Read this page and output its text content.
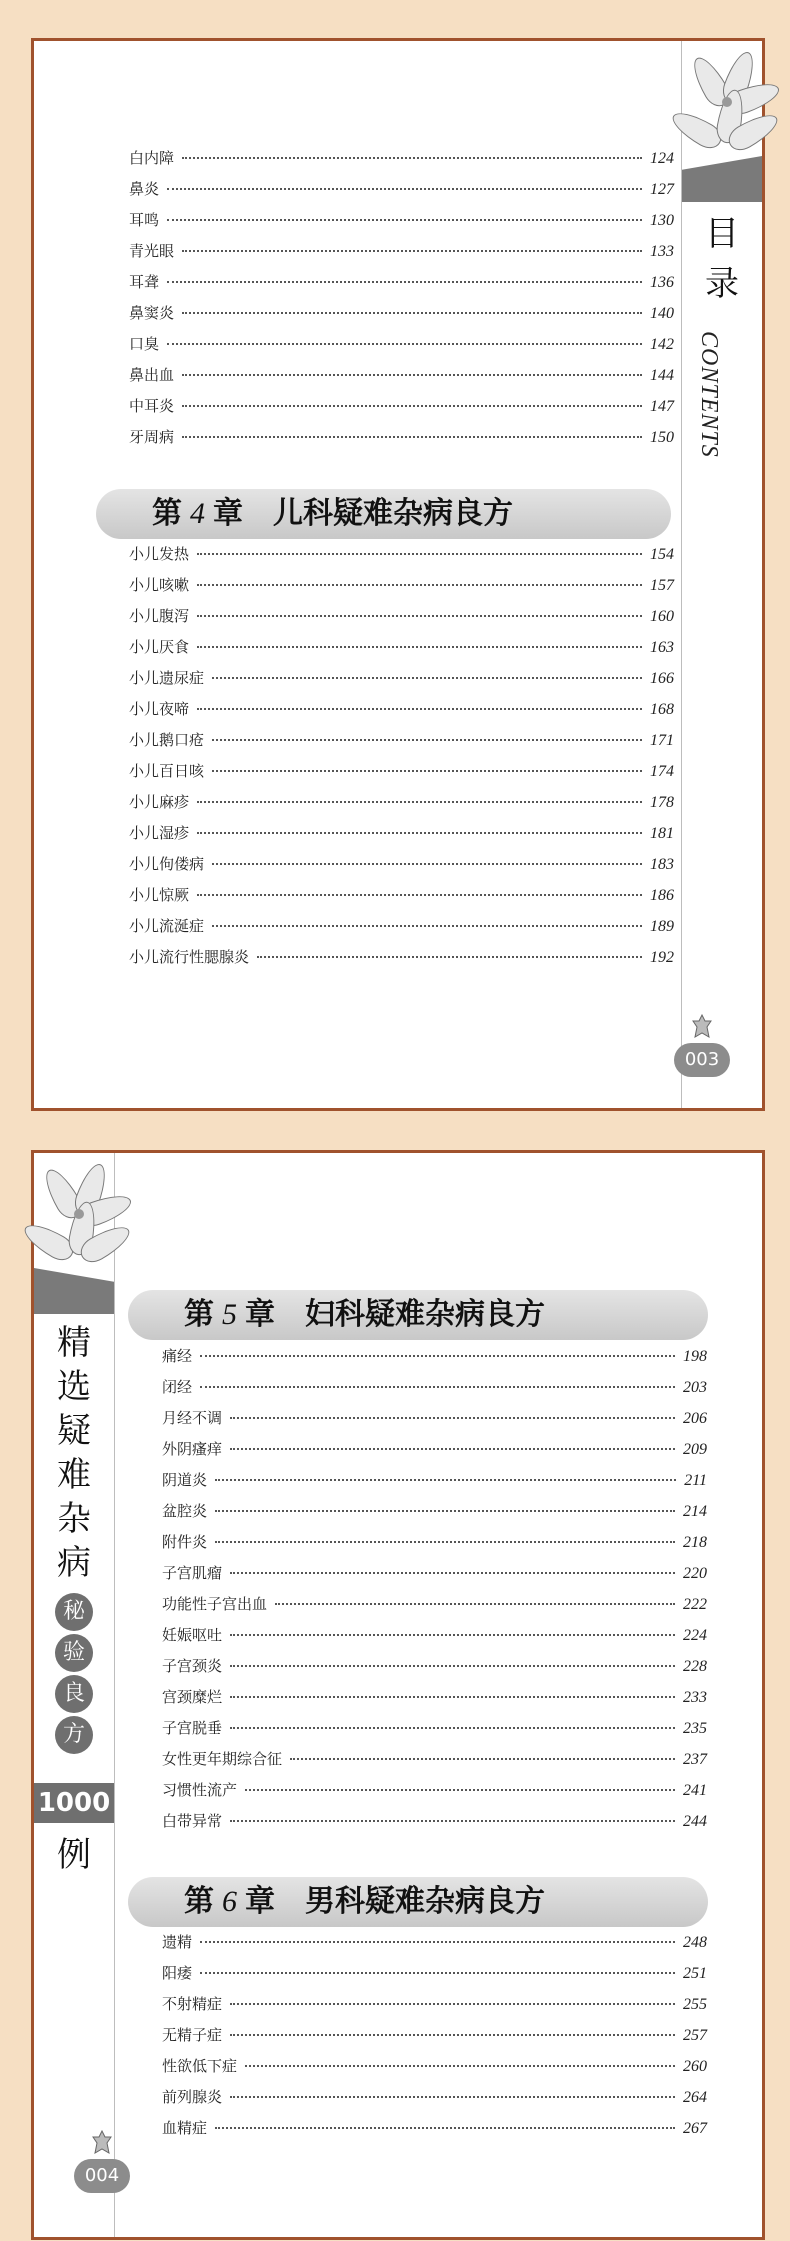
目
录
CONTENTS
白内障	124
鼻炎	127
耳鸣	130
青光眼	133
耳聋	136
鼻窦炎	140
口臭	142
鼻出血	144
中耳炎	147
牙周病	150
第 4 章 儿科疑难杂病良方
小儿发热	154
小儿咳嗽	157
小儿腹泻	160
小儿厌食	163
小儿遗尿症	166
小儿夜啼	168
小儿鹅口疮	171
小儿百日咳	174
小儿麻疹	178
小儿湿疹	181
小儿佝偻病	183
小儿惊厥	186
小儿流涎症	189
小儿流行性腮腺炎	192
003
精
选
疑
难
杂
病
秘
验
良
方
1000
例
第 5 章 妇科疑难杂病良方
痛经	198
闭经	203
月经不调	206
外阴瘙痒	209
阴道炎	211
盆腔炎	214
附件炎	218
子宫肌瘤	220
功能性子宫出血	222
妊娠呕吐	224
子宫颈炎	228
宫颈糜烂	233
子宫脱垂	235
女性更年期综合征	237
习惯性流产	241
白带异常	244
第 6 章 男科疑难杂病良方
遗精	248
阳痿	251
不射精症	255
无精子症	257
性欲低下症	260
前列腺炎	264
血精症	267
004
